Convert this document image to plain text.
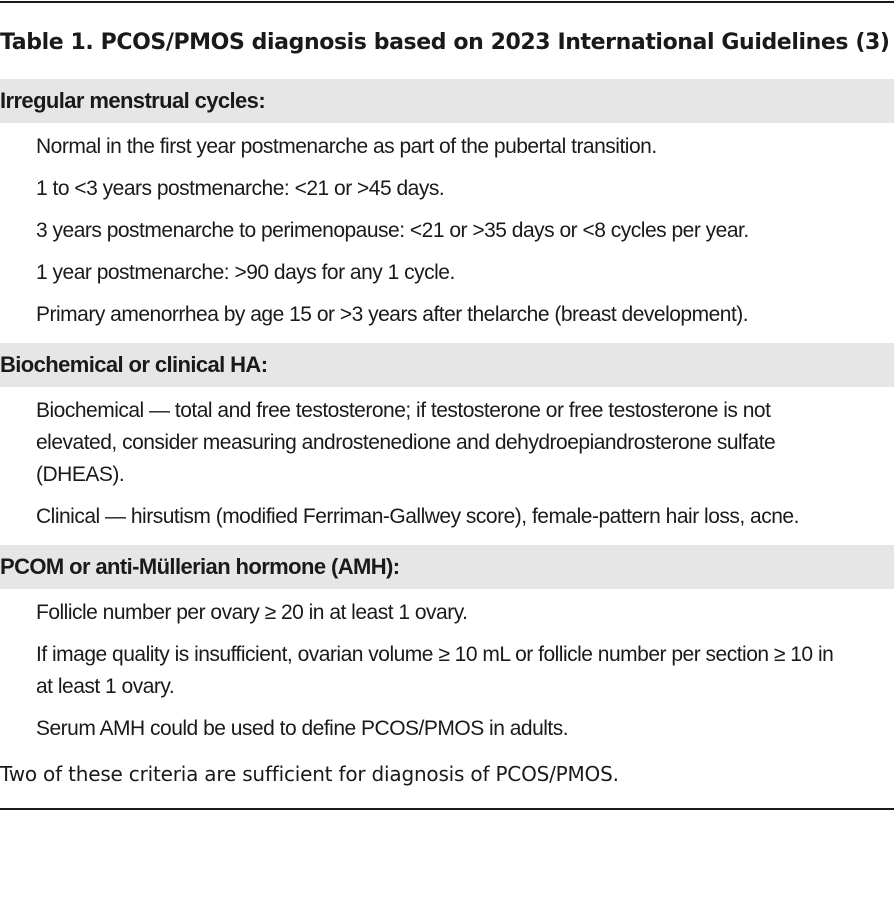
Table 1. PCOS/PMOS diagnosis based on 2023 International Guidelines (3)
Irregular menstrual cycles:
Normal in the first year postmenarche as part of the pubertal transition.
1 to <3 years postmenarche: <21 or >45 days.
3 years postmenarche to perimenopause: <21 or >35 days or <8 cycles per year.
1 year postmenarche: >90 days for any 1 cycle.
Primary amenorrhea by age 15 or >3 years after thelarche (breast development).
Biochemical or clinical HA:
Biochemical — total and free testosterone; if testosterone or free testosterone is not elevated, consider measuring androstenedione and dehydroepiandrosterone sulfate (DHEAS).
Clinical — hirsutism (modified Ferriman-Gallwey score), female-pattern hair loss, acne.
PCOM or anti-Müllerian hormone (AMH):
Follicle number per ovary ≥ 20 in at least 1 ovary.
If image quality is insufficient, ovarian volume ≥ 10 mL or follicle number per section ≥ 10 in at least 1 ovary.
Serum AMH could be used to define PCOS/PMOS in adults.
Two of these criteria are sufficient for diagnosis of PCOS/PMOS.
